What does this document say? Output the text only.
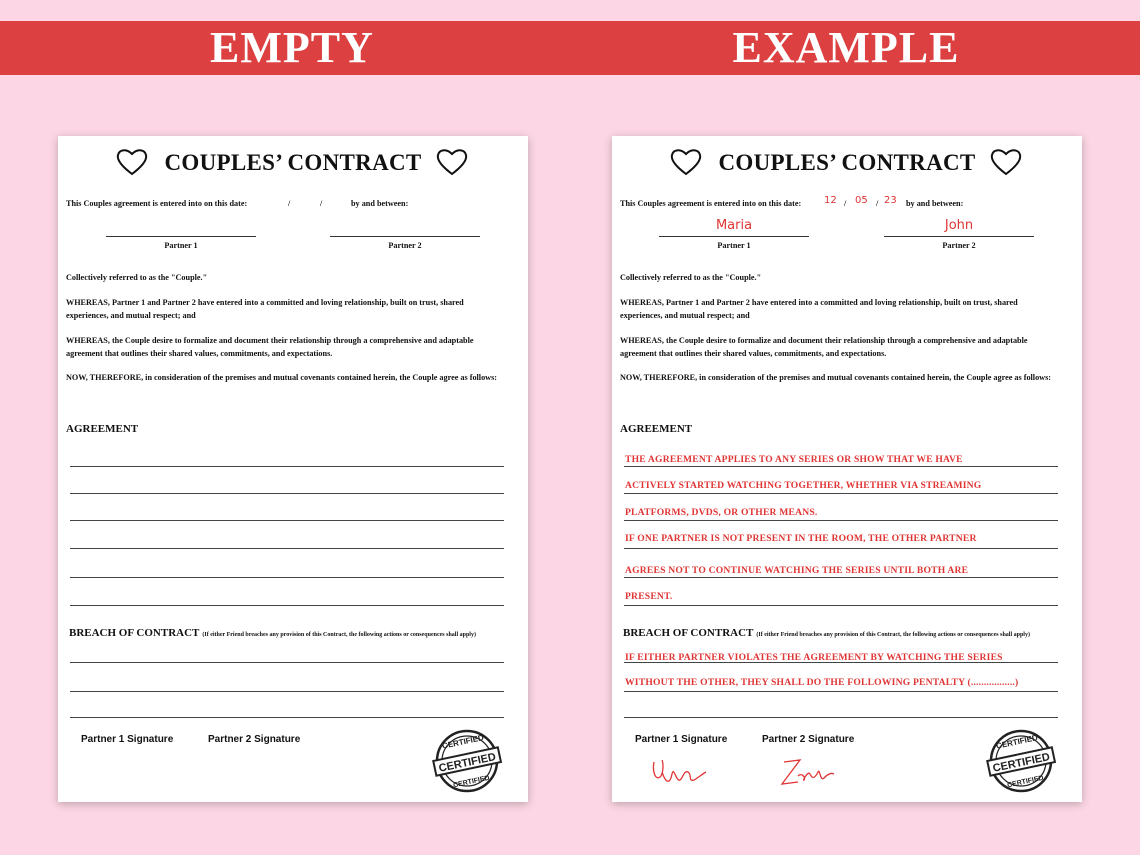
EMPTY	EXAMPLE
COUPLES’ CONTRACT
This Couples agreement is entered into on this date:	/	/	by and between:
Partner 1	Partner 2
Collectively referred to as the "Couple."
WHEREAS, Partner 1 and Partner 2 have entered into a committed and loving relationship, built on trust, shared experiences, and mutual respect; and
WHEREAS, the Couple desire to formalize and document their relationship through a comprehensive and adaptable agreement that outlines their shared values, commitments, and expectations.
NOW, THEREFORE, in consideration of the premises and mutual covenants contained herein, the Couple agree as follows:
AGREEMENT
BREACH OF CONTRACT (If either Friend breaches any provision of this Contract, the following actions or consequences shall apply)
Partner 1 Signature	Partner 2 Signature	CERTIFIED
CERTIFIED
CERTIFIED
COUPLES’ CONTRACT
This Couples agreement is entered into on this date: 12 / 05 / 23 by and between:
Maria
Partner 1
John
Partner 2
Collectively referred to as the "Couple."
WHEREAS, Partner 1 and Partner 2 have entered into a committed and loving relationship, built on trust, shared experiences, and mutual respect; and
WHEREAS, the Couple desire to formalize and document their relationship through a comprehensive and adaptable agreement that outlines their shared values, commitments, and expectations.
NOW, THEREFORE, in consideration of the premises and mutual covenants contained herein, the Couple agree as follows:
AGREEMENT
THE AGREEMENT APPLIES TO ANY SERIES OR SHOW THAT WE HAVE
ACTIVELY STARTED WATCHING TOGETHER, WHETHER VIA STREAMING
PLATFORMS, DVDS, OR OTHER MEANS.
IF ONE PARTNER IS NOT PRESENT IN THE ROOM, THE OTHER PARTNER
AGREES NOT TO CONTINUE WATCHING THE SERIES UNTIL BOTH ARE
PRESENT.
BREACH OF CONTRACT (If either Friend breaches any provision of this Contract, the following actions or consequences shall apply)
IF EITHER PARTNER VIOLATES THE AGREEMENT BY WATCHING THE SERIES
WITHOUT THE OTHER, THEY SHALL DO THE FOLLOWING PENTALTY (.................)
Partner 1 Signature	Partner 2 Signature	CERTIFIED
CERTIFIED
CERTIFIED
